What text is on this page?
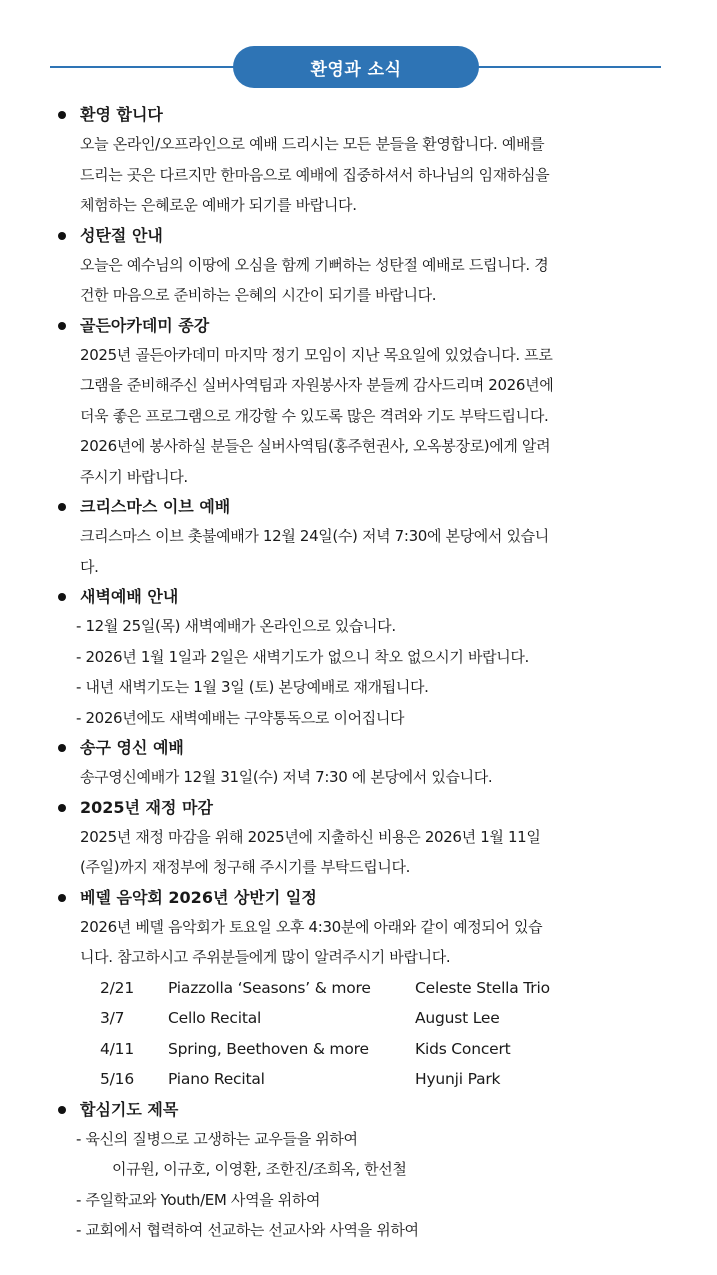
환영과 소식
환영 합니다
오늘 온라인/오프라인으로 예배 드리시는 모든 분들을 환영합니다. 예배를
드리는 곳은 다르지만 한마음으로 예배에 집중하셔서 하나님의 임재하심을
체험하는 은혜로운 예배가 되기를 바랍니다.
성탄절 안내
오늘은 예수님의 이땅에 오심을 함께 기뻐하는 성탄절 예배로 드립니다. 경
건한 마음으로 준비하는 은혜의 시간이 되기를 바랍니다.
골든아카데미 종강
2025년 골든아카데미 마지막 정기 모임이 지난 목요일에 있었습니다. 프로
그램을 준비해주신 실버사역팀과 자원봉사자 분들께 감사드리며 2026년에
더욱 좋은 프로그램으로 개강할 수 있도록 많은 격려와 기도 부탁드립니다.
2026년에 봉사하실 분들은 실버사역팀(홍주현권사, 오옥봉장로)에게 알려
주시기 바랍니다.
크리스마스 이브 예배
크리스마스 이브 촛불예배가 12월 24일(수) 저녁 7:30에 본당에서 있습니
다.
새벽예배 안내
- 12월 25일(목) 새벽예배가 온라인으로 있습니다.
- 2026년 1월 1일과 2일은 새벽기도가 없으니 착오 없으시기 바랍니다.
- 내년 새벽기도는 1월 3일 (토) 본당예배로 재개됩니다.
- 2026년에도 새벽예배는 구약통독으로 이어집니다
송구 영신 예배
송구영신예배가 12월 31일(수) 저녁 7:30 에 본당에서 있습니다.
2025년 재정 마감
2025년 재정 마감을 위해 2025년에 지출하신 비용은 2026년 1월 11일
(주일)까지 재정부에 청구해 주시기를 부탁드립니다.
베델 음악회 2026년 상반기 일정
2026년 베델 음악회가 토요일 오후 4:30분에 아래와 같이 예정되어 있습
니다. 참고하시고 주위분들에게 많이 알려주시기 바랍니다.
2/21	Piazzolla ‘Seasons’ & more	Celeste Stella Trio
3/7	Cello Recital	August Lee
4/11	Spring, Beethoven & more	Kids Concert
5/16	Piano Recital	Hyunji Park
합심기도 제목
- 육신의 질병으로 고생하는 교우들을 위하여
이규원, 이규호, 이영환, 조한진/조희옥, 한선철
- 주일학교와 Youth/EM 사역을 위하여
- 교회에서 협력하여 선교하는 선교사와 사역을 위하여
